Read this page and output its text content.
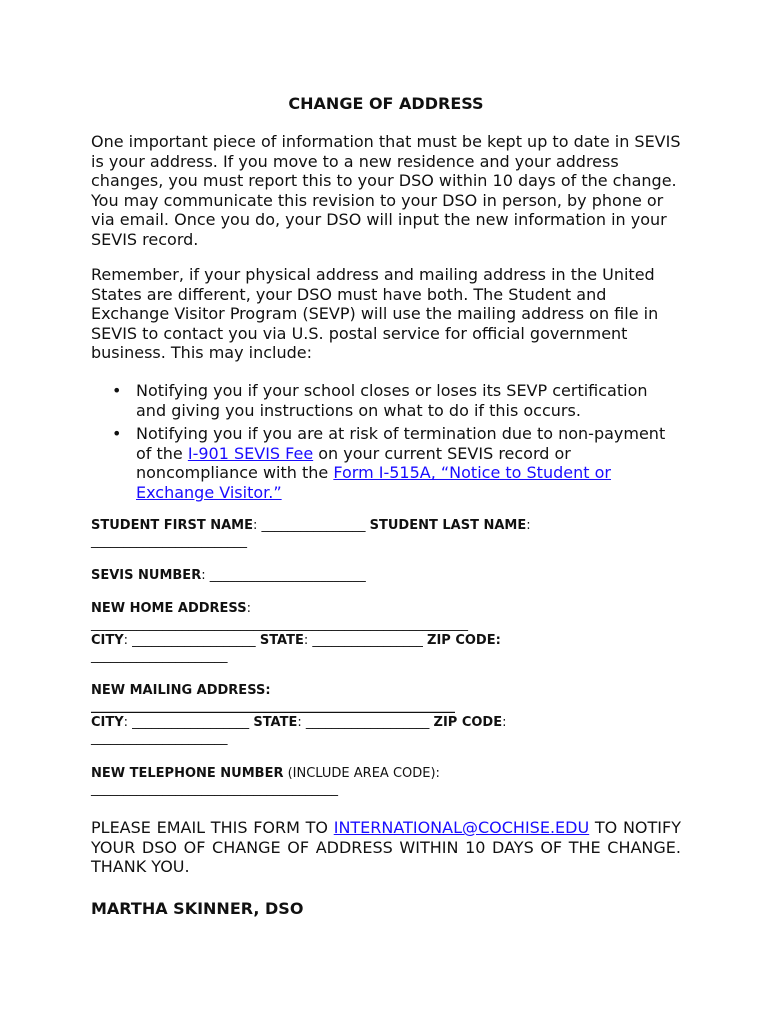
CHANGE OF ADDRESS

One important piece of information that must be kept up to date in SEVIS is your address. If you move to a new residence and your address changes, you must report this to your DSO within 10 days of the change. You may communicate this revision to your DSO in person, by phone or via email. Once you do, your DSO will input the new information in your SEVIS record.

Remember, if your physical address and mailing address in the United States are different, your DSO must have both. The Student and Exchange Visitor Program (SEVP) will use the mailing address on file in SEVIS to contact you via U.S. postal service for official government business. This may include:

• Notifying you if your school closes or loses its SEVP certification and giving you instructions on what to do if this occurs.
• Notifying you if you are at risk of termination due to non-payment of the I-901 SEVIS Fee on your current SEVIS record or noncompliance with the Form I-515A, “Notice to Student or Exchange Visitor.”
STUDENT FIRST NAME: ________________ STUDENT LAST NAME:
________________________
SEVIS NUMBER: ________________________
NEW HOME ADDRESS:
__________________________________________________________
CITY: ___________________ STATE: _________________ ZIP CODE:
_____________________
NEW MAILING ADDRESS:
________________________________________________________
CITY: __________________ STATE: ___________________ ZIP CODE:
_____________________
NEW TELEPHONE NUMBER (INCLUDE AREA CODE):
______________________________________

PLEASE EMAIL THIS FORM TO INTERNATIONAL@COCHISE.EDU TO NOTIFY YOUR DSO OF CHANGE OF ADDRESS WITHIN 10 DAYS OF THE CHANGE. THANK YOU.

MARTHA SKINNER, DSO
